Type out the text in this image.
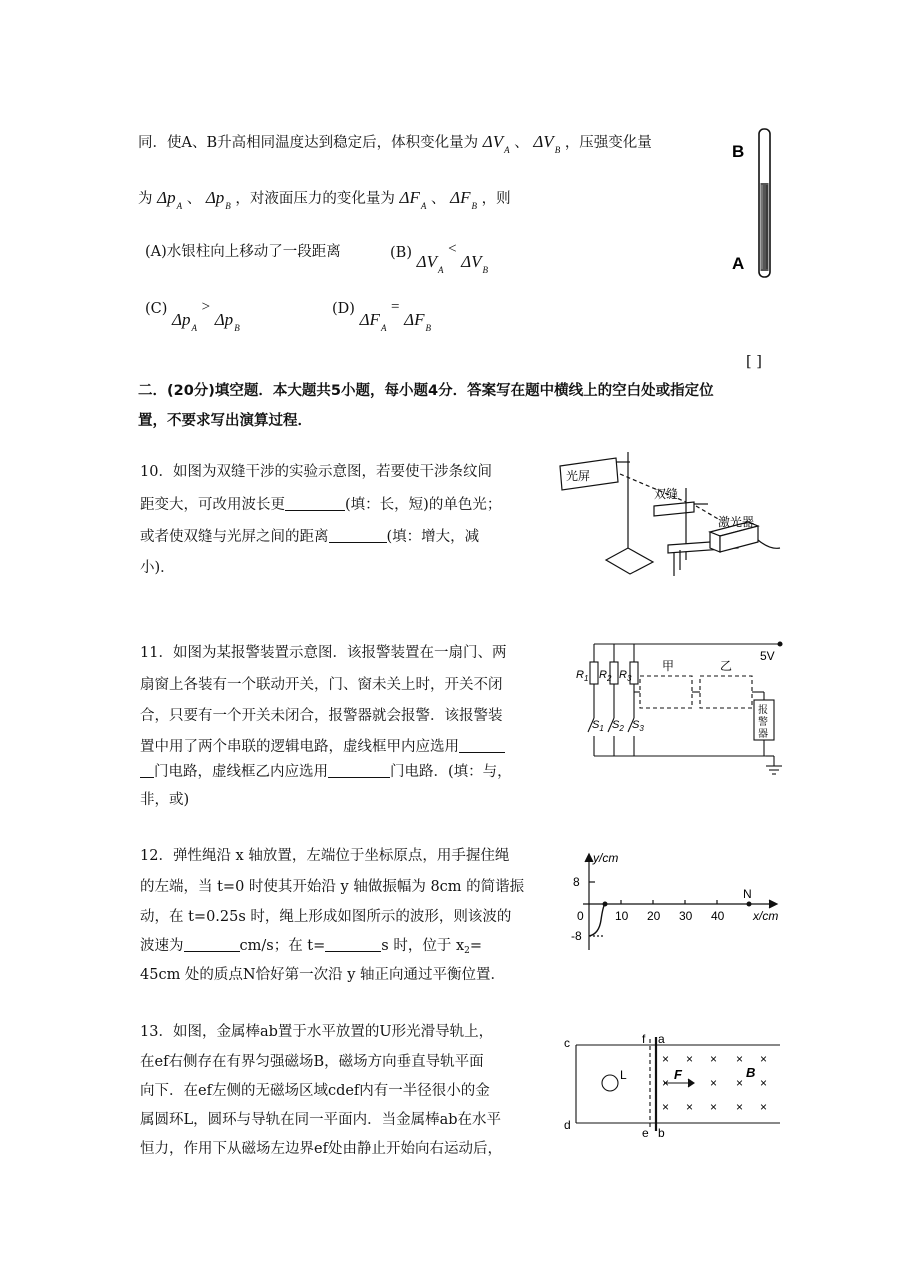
同．使A、B升高相同温度达到稳定后，体积变化量为 $\Delta V_A$ 、 $\Delta V_B$ ，压强变化量
为 $\Delta p_A$ 、 $\Delta p_B$ ，对液面压力的变化量为 $\Delta F_A$ 、 $\Delta F_B$ ，则
(A)水银柱向上移动了一段距离	(B) $\Delta V_A < \Delta V_B$
(C) $\Delta p_A > \Delta p_B$
(D) $\Delta F_A = \Delta F_B$
[ ]
B
A
二．(20分)填空题．本大题共5小题，每小题4分．答案写在题中横线上的空白处或指定位
置，不要求写出演算过程．
10．如图为双缝干涉的实验示意图，若要使干涉条纹间
距变大，可改用波长更	(填：长，短)的单色光；
或者使双缝与光屏之间的距离	(填：增大，减
小)．
光屏
双缝
激光器
11．如图为某报警装置示意图．该报警装置在一扇门、两
扇窗上各装有一个联动开关，门、窗未关上时，开关不闭
合，只要有一个开关未闭合，报警器就会报警．该报警装
置中用了两个串联的逻辑电路，虚线框甲内应选用
门电路，虚线框乙内应选用	门电路．(填：与，
非，或)
$R_1$ $R_2$ $R_3$
甲	乙
5V
$S_1$ $S_2$ $S_3$
报
警
器
12．弹性绳沿 x 轴放置，左端位于坐标原点，用手握住绳
的左端，当 t=0 时使其开始沿 y 轴做振幅为 8cm 的简谐振
动，在 t=0.25s 时，绳上形成如图所示的波形，则该波的
波速为	cm/s；在 t=	s 时，位于 $x_2=$
45cm 处的质点N恰好第一次沿 y 轴正向通过平衡位置．
y/cm
x/cm
8
-8
0	10 20 30 40
N
13．如图，金属棒ab置于水平放置的U形光滑导轨上，
在ef右侧存在有界匀强磁场B，磁场方向垂直导轨平面
向下．在ef左侧的无磁场区域cdef内有一半径很小的金
属圆环L，圆环与导轨在同一平面内．当金属棒ab在水平
恒力，作用下从磁场左边界ef处由静止开始向右运动后，
c
d
e
f a
b
L	F	B
× × × × ×
×	× × ×
× × × × ×
